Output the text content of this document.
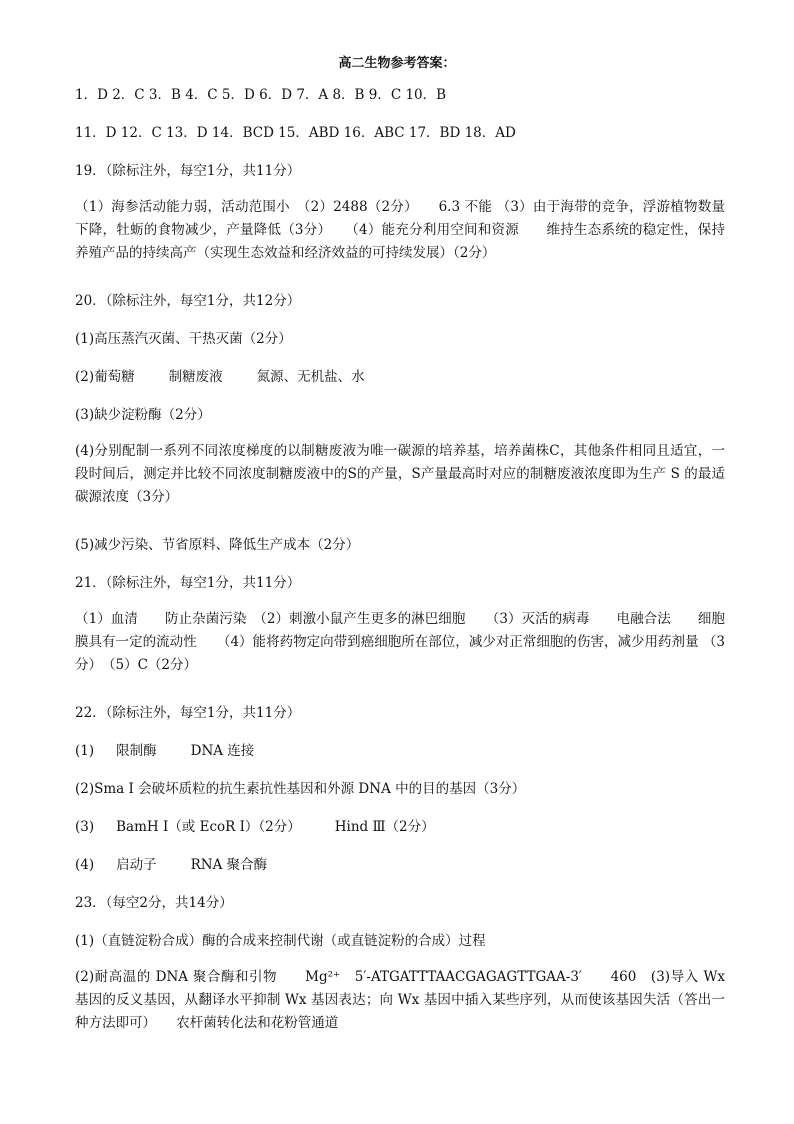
高二生物参考答案：
1．D 2．C 3．B 4．C 5．D 6．D 7．A 8．B 9．C 10．B
11．D 12．C 13．D 14．BCD 15．ABD 16．ABC 17．BD 18．AD
19．（除标注外，每空1分，共11分）
（1）海参活动能力弱，活动范围小　（2）2488（2分）　　6.3 不能 （3）由于海带的竞争，浮游植物数量下降，牡蛎的食物减少，产量降低（3分）　　（4）能充分利用空间和资源　　维持生态系统的稳定性，保持养殖产品的持续高产（实现生态效益和经济效益的可持续发展）（2分）
20．（除标注外，每空1分，共12分）
(1)高压蒸汽灭菌、干热灭菌（2分）
(2)葡萄糖	制糖废液	氮源、无机盐、水
(3)缺少淀粉酶（2分）
(4)分别配制一系列不同浓度梯度的以制糖废液为唯一碳源的培养基，培养菌株C，其他条件相同且适宜，一段时间后，测定并比较不同浓度制糖废液中的S的产量，S产量最高时对应的制糖废液浓度即为生产 S 的最适碳源浓度（3分）
(5)减少污染、节省原料、降低生产成本（2分）
21．（除标注外，每空1分，共11分）
（1）血清　　防止杂菌污染　（2）刺激小鼠产生更多的淋巴细胞　　（3）灭活的病毒　　电融合法　　细胞膜具有一定的流动性　　（4）能将药物定向带到癌细胞所在部位，减少对正常细胞的伤害，减少用药剂量 （3分）　（5）C（2分）
22．（除标注外，每空1分，共11分）
(1) 限制酶	DNA 连接
(2)Sma I 会破坏质粒的抗生素抗性基因和外源 DNA 中的目的基因（3分）
(3) BamH Ⅰ（或 EcoR Ⅰ）（2分）	Hind Ⅲ（2分）
(4) 启动子	RNA 聚合酶
23．（每空2分，共14分）
(1)（直链淀粉合成）酶的合成来控制代谢（或直链淀粉的合成）过程
(2)耐高温的 DNA 聚合酶和引物　　Mg²⁺　5′-ATGATTTAACGAGAGTTGAA-3′　　460　(3)导入 Wx 基因的反义基因，从翻译水平抑制 Wx 基因表达；向 Wx 基因中插入某些序列，从而使该基因失活（答出一种方法即可）　　农杆菌转化法和花粉管通道
